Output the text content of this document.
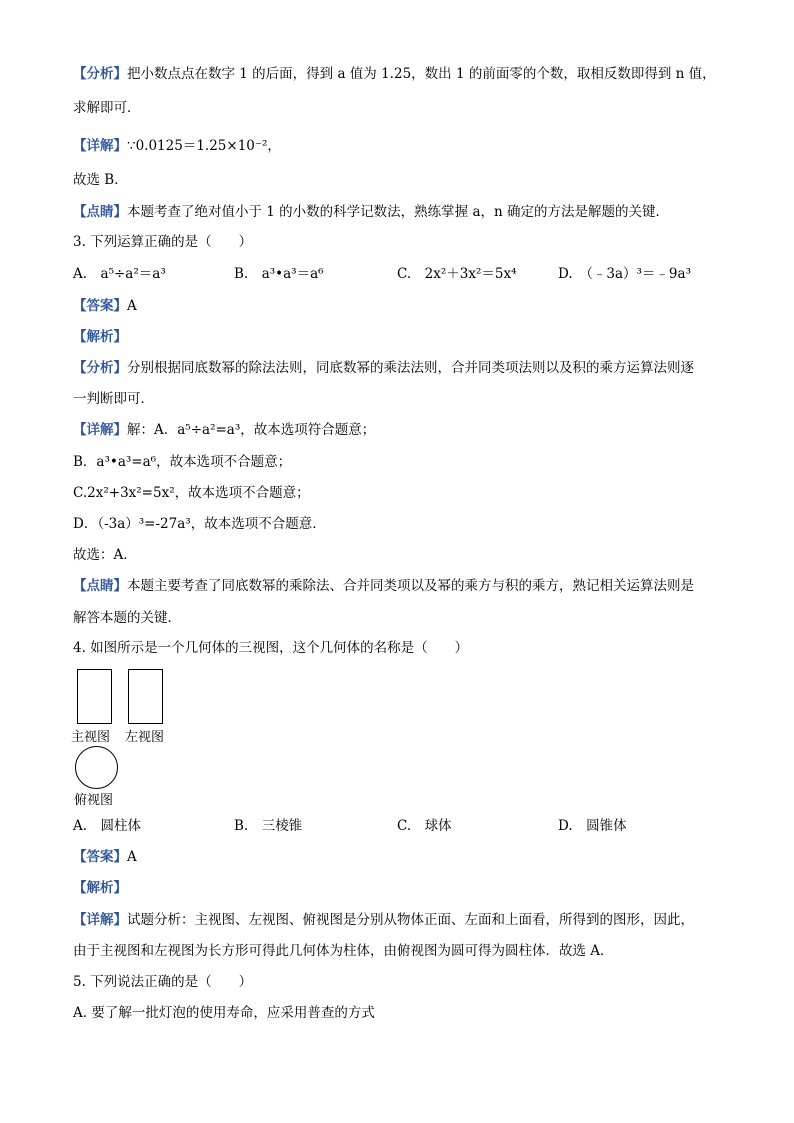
【分析】把小数点点在数字 1 的后面，得到 a 值为 1.25，数出 1 的前面零的个数，取相反数即得到 n 值，
求解即可．
【详解】∵0.0125＝1.25×10⁻²，
故选 B．
【点睛】本题考查了绝对值小于 1 的小数的科学记数法，熟练掌握 a，n 确定的方法是解题的关键．
3. 下列运算正确的是（　　）
A.　a⁵÷a²＝a³	B.　a³•a³＝a⁶	C.　2x²＋3x²＝5x⁴	D.　（﹣3a）³＝﹣9a³
【答案】A
【解析】
【分析】分别根据同底数幂的除法法则，同底数幂的乘法法则，合并同类项法则以及积的乘方运算法则逐
一判断即可．
【详解】解：A．a⁵÷a²=a³，故本选项符合题意；
B．a³•a³=a⁶，故本选项不合题意；
C.2x²+3x²=5x²，故本选项不合题意；
D．（-3a）³=-27a³，故本选项不合题意．
故选：A．
【点睛】本题主要考查了同底数幂的乘除法、合并同类项以及幂的乘方与积的乘方，熟记相关运算法则是
解答本题的关键．
4. 如图所示是一个几何体的三视图，这个几何体的名称是（　　）
主视图 左视图
俯视图
A.　圆柱体	B.　三棱锥	C.　球体	D.　圆锥体
【答案】A
【解析】
【详解】试题分析：主视图、左视图、俯视图是分别从物体正面、左面和上面看，所得到的图形，因此，
由于主视图和左视图为长方形可得此几何体为柱体，由俯视图为圆可得为圆柱体．故选 A．
5. 下列说法正确的是（　　）
A. 要了解一批灯泡的使用寿命，应采用普查的方式
